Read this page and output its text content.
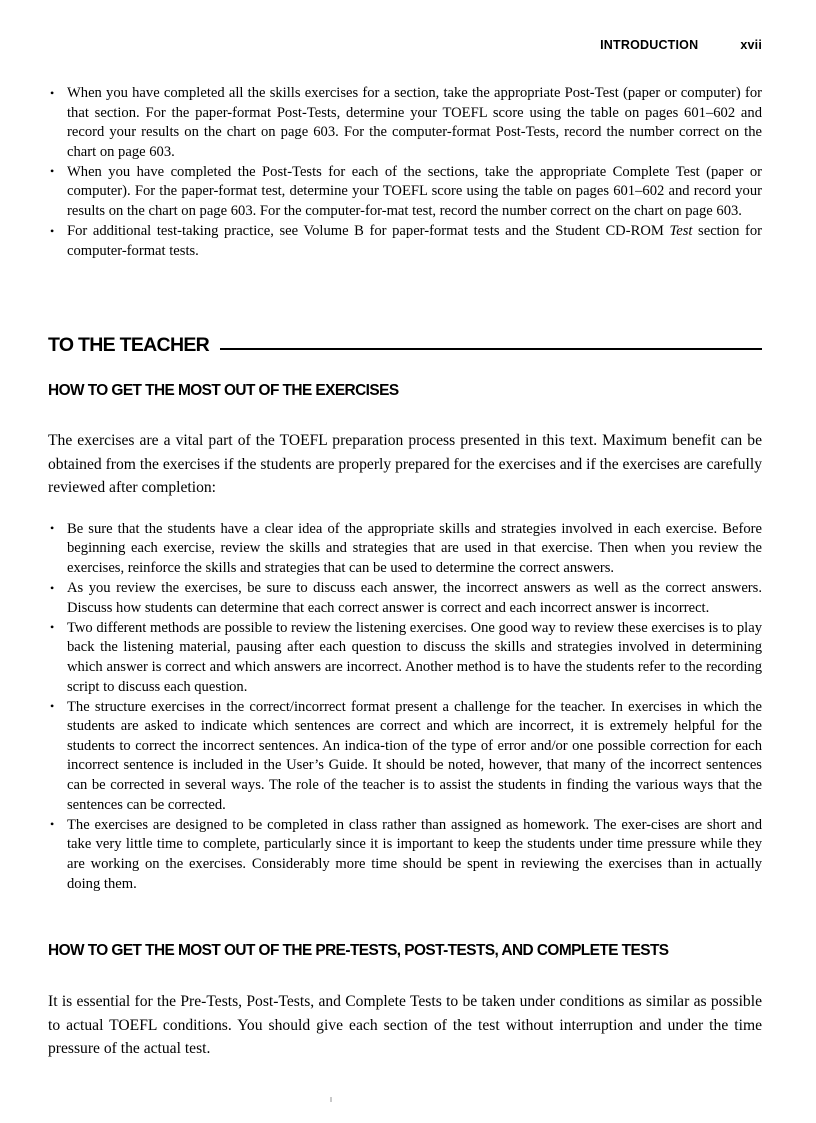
INTRODUCTION	xvii
• When you have completed all the skills exercises for a section, take the appropriate Post-Test (paper or computer) for that section. For the paper-format Post-Tests, determine your TOEFL score using the table on pages 601–602 and record your results on the chart on page 603. For the computer-format Post-Tests, record the number correct on the chart on page 603.
• When you have completed the Post-Tests for each of the sections, take the appropriate Complete Test (paper or computer). For the paper-format test, determine your TOEFL score using the table on pages 601–602 and record your results on the chart on page 603. For the computer-for-mat test, record the number correct on the chart on page 603.
• For additional test-taking practice, see Volume B for paper-format tests and the Student CD-ROM Test section for computer-format tests.
TO THE TEACHER
HOW TO GET THE MOST OUT OF THE EXERCISES

The exercises are a vital part of the TOEFL preparation process presented in this text. Maximum benefit can be obtained from the exercises if the students are properly prepared for the exercises and if the exercises are carefully reviewed after completion:

• Be sure that the students have a clear idea of the appropriate skills and strategies involved in each exercise. Before beginning each exercise, review the skills and strategies that are used in that exercise. Then when you review the exercises, reinforce the skills and strategies that can be used to determine the correct answers.
• As you review the exercises, be sure to discuss each answer, the incorrect answers as well as the correct answers. Discuss how students can determine that each correct answer is correct and each incorrect answer is incorrect.
• Two different methods are possible to review the listening exercises. One good way to review these exercises is to play back the listening material, pausing after each question to discuss the skills and strategies involved in determining which answer is correct and which answers are incorrect. Another method is to have the students refer to the recording script to discuss each question.
• The structure exercises in the correct/incorrect format present a challenge for the teacher. In exercises in which the students are asked to indicate which sentences are correct and which are incorrect, it is extremely helpful for the students to correct the incorrect sentences. An indica-tion of the type of error and/or one possible correction for each incorrect sentence is included in the User’s Guide. It should be noted, however, that many of the incorrect sentences can be corrected in several ways. The role of the teacher is to assist the students in finding the various ways that the sentences can be corrected.
• The exercises are designed to be completed in class rather than assigned as homework. The exer-cises are short and take very little time to complete, particularly since it is important to keep the students under time pressure while they are working on the exercises. Considerably more time should be spent in reviewing the exercises than in actually doing them.
HOW TO GET THE MOST OUT OF THE PRE-TESTS, POST-TESTS, AND COMPLETE TESTS

It is essential for the Pre-Tests, Post-Tests, and Complete Tests to be taken under conditions as similar as possible to actual TOEFL conditions. You should give each section of the test without interruption and under the time pressure of the actual test.
